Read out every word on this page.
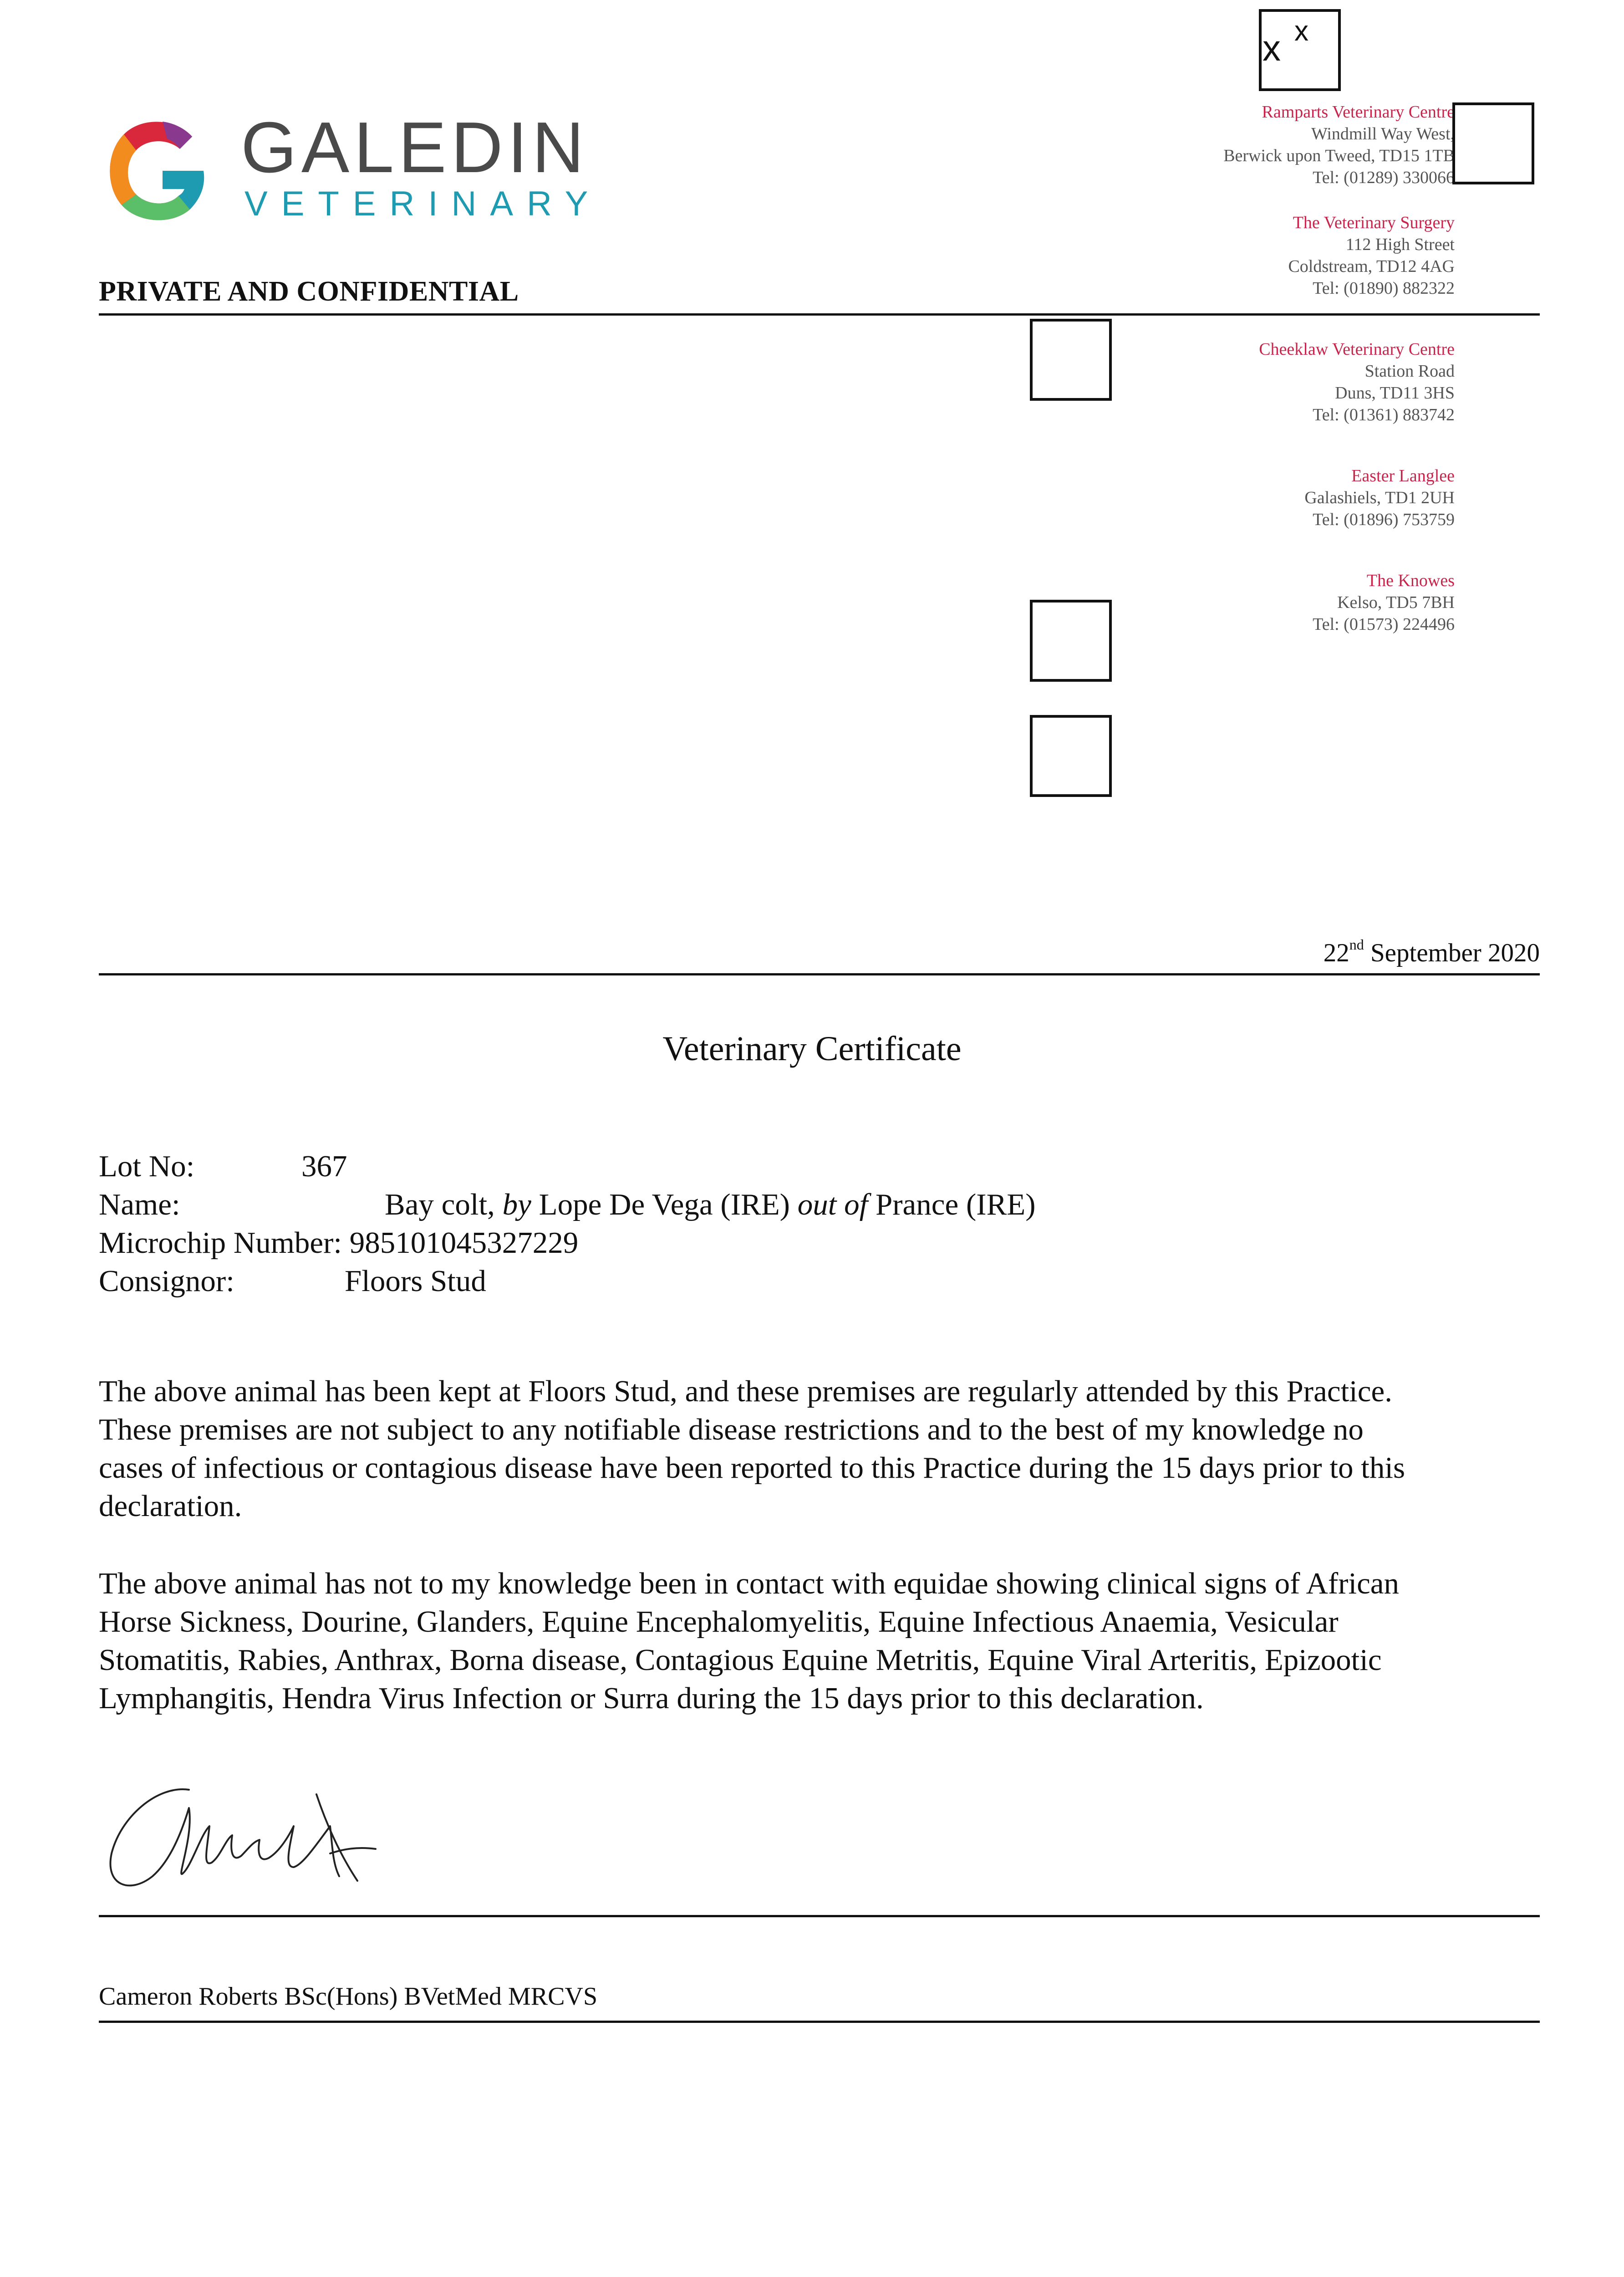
GALEDIN
VETERINARY
PRIVATE AND CONFIDENTIAL
Ramparts Veterinary Centre
Windmill Way West,
Berwick upon Tweed, TD15 1TB
Tel: (01289) 330066
The Veterinary Surgery
112 High Street
Coldstream, TD12 4AG
Tel: (01890) 882322
Cheeklaw Veterinary Centre
Station Road
Duns, TD11 3HS
Tel: (01361) 883742
Easter Langlee
Galashiels, TD1 2UH
Tel: (01896) 753759
The Knowes
Kelso, TD5 7BH
Tel: (01573) 224496
x x
22nd September 2020
Veterinary Certificate
Lot No:	367
Name:	Bay colt, by Lope De Vega (IRE) out of Prance (IRE)
Microchip Number: 985101045327229
Consignor:	Floors Stud
The above animal has been kept at Floors Stud, and these premises are regularly attended by this Practice.
These premises are not subject to any notifiable disease restrictions and to the best of my knowledge no
cases of infectious or contagious disease have been reported to this Practice during the 15 days prior to this
declaration.
The above animal has not to my knowledge been in contact with equidae showing clinical signs of African
Horse Sickness, Dourine, Glanders, Equine Encephalomyelitis, Equine Infectious Anaemia, Vesicular
Stomatitis, Rabies, Anthrax, Borna disease, Contagious Equine Metritis, Equine Viral Arteritis, Epizootic
Lymphangitis, Hendra Virus Infection or Surra during the 15 days prior to this declaration.
Cameron Roberts BSc(Hons) BVetMed MRCVS
